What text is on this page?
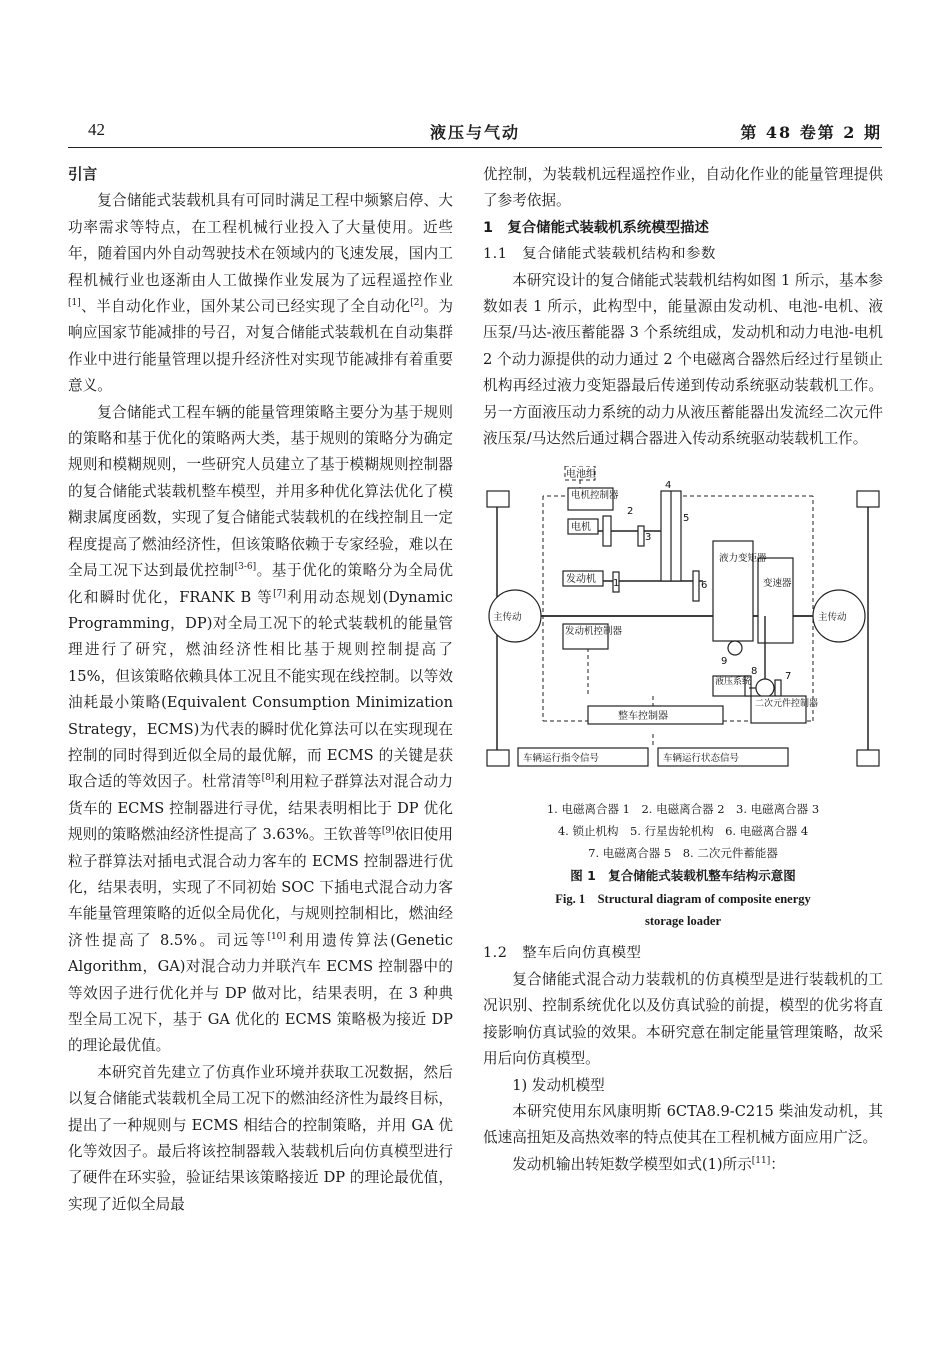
42	液压与气动	第 48 卷第 2 期

引言

复合储能式装载机具有可同时满足工程中频繁启停、大功率需求等特点，在工程机械行业投入了大量使用。近些年，随着国内外自动驾驶技术在领域内的飞速发展，国内工程机械行业也逐渐由人工做操作业发展为了远程遥控作业[1]、半自动化作业，国外某公司已经实现了全自动化[2]。为响应国家节能减排的号召，对复合储能式装载机在自动集群作业中进行能量管理以提升经济性对实现节能减排有着重要意义。

复合储能式工程车辆的能量管理策略主要分为基于规则的策略和基于优化的策略两大类，基于规则的策略分为确定规则和模糊规则，一些研究人员建立了基于模糊规则控制器的复合储能式装载机整车模型，并用多种优化算法优化了模糊隶属度函数，实现了复合储能式装载机的在线控制且一定程度提高了燃油经济性，但该策略依赖于专家经验，难以在全局工况下达到最优控制[3-6]。基于优化的策略分为全局优化和瞬时优化，FRANK B 等[7]利用动态规划(Dynamic Programming，DP)对全局工况下的轮式装载机的能量管理进行了研究，燃油经济性相比基于规则控制提高了 15%，但该策略依赖具体工况且不能实现在线控制。以等效油耗最小策略(Equivalent Consumption Minimization Strategy，ECMS)为代表的瞬时优化算法可以在实现现在控制的同时得到近似全局的最优解，而 ECMS 的关键是获取合适的等效因子。杜常清等[8]利用粒子群算法对混合动力货车的 ECMS 控制器进行寻优，结果表明相比于 DP 优化规则的策略燃油经济性提高了 3.63%。王钦普等[9]依旧使用粒子群算法对插电式混合动力客车的 ECMS 控制器进行优化，结果表明，实现了不同初始 SOC 下插电式混合动力客车能量管理策略的近似全局优化，与规则控制相比，燃油经济性提高了 8.5%。司远等[10]利用遗传算法(Genetic Algorithm，GA)对混合动力并联汽车 ECMS 控制器中的等效因子进行优化并与 DP 做对比，结果表明，在 3 种典型全局工况下，基于 GA 优化的 ECMS 策略极为接近 DP 的理论最优值。

本研究首先建立了仿真作业环境并获取工况数据，然后以复合储能式装载机全局工况下的燃油经济性为最终目标，提出了一种规则与 ECMS 相结合的控制策略，并用 GA 优化等效因子。最后将该控制器载入装载机后向仿真模型进行了硬件在环实验，验证结果该策略接近 DP 的理论最优值，实现了近似全局最

优控制，为装载机远程遥控作业，自动化作业的能量管理提供了参考依据。

1　复合储能式装载机系统模型描述

1.1　复合储能式装载机结构和参数

本研究设计的复合储能式装载机结构如图 1 所示，基本参数如表 1 所示，此构型中，能量源由发动机、电池-电机、液压泵/马达-液压蓄能器 3 个系统组成，发动机和动力电池-电机 2 个动力源提供的动力通过 2 个电磁离合器然后经过行星锁止机构再经过液力变矩器最后传递到传动系统驱动装载机工作。另一方面液压动力系统的动力从液压蓄能器出发流经二次元件液压泵/马达然后通过耦合器进入传动系统驱动装载机工作。

电池组
电机控制器
电机
发动机
发动机控制器
液力变矩器
变速器
主传动	主传动
液压系统
二次元件控制器
整车控制器
车辆运行指令信号	车辆运行状态信号
1
2
3
4
5
6
7
8
9
1. 电磁离合器 1　2. 电磁离合器 2　3. 电磁离合器 3
4. 锁止机构　5. 行星齿轮机构　6. 电磁离合器 4
7. 电磁离合器 5　8. 二次元件蓄能器
图 1　复合储能式装载机整车结构示意图
Fig. 1　Structural diagram of composite energy
storage loader

1.2　整车后向仿真模型

复合储能式混合动力装载机的仿真模型是进行装载机的工况识别、控制系统优化以及仿真试验的前提，模型的优劣将直接影响仿真试验的效果。本研究意在制定能量管理策略，故采用后向仿真模型。

1) 发动机模型

本研究使用东风康明斯 6CTA8.9-C215 柴油发动机，其低速高扭矩及高热效率的特点使其在工程机械方面应用广泛。

发动机输出转矩数学模型如式(1)所示[11]：
